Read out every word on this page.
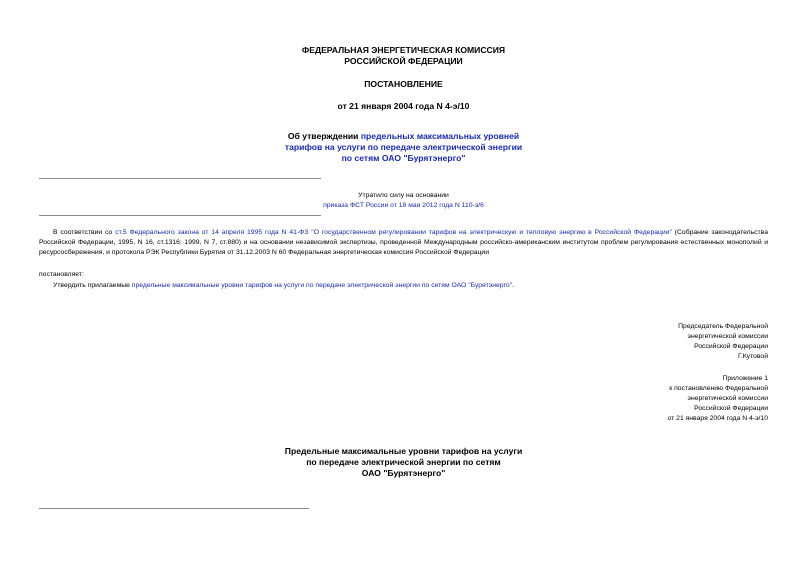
ФЕДЕРАЛЬНАЯ ЭНЕРГЕТИЧЕСКАЯ КОМИССИЯ
РОССИЙСКОЙ ФЕДЕРАЦИИ
ПОСТАНОВЛЕНИЕ
от 21 января 2004 года N 4-э/10
Об утверждении предельных максимальных уровней
тарифов на услуги по передаче электрической энергии
по сетям ОАО "Бурятэнерго"
Утратило силу на основании
приказа ФСТ России от 18 мая 2012 года N 110-э/6
В соответствии со ст.5 Федерального закона от 14 апреля 1995 года N 41-ФЗ "О государственном регулировании тарифов на электрическую и тепловую энергию в Российской Федерации" (Собрание законодательства Российской Федерации, 1995, N 16, ст.1316; 1999, N 7, ст.880) и на основании независимой экспертизы, проведенной Международным российско-американским институтом проблем регулирования естественных монополий и ресурсосбережения, и протокола РЭК Республики Бурятия от 31.12.2003 N 60 Федеральная энергетическая комиссия Российской Федерации
постановляет:
Утвердить прилагаемые предельные максимальные уровни тарифов на услуги по передаче электрической энергии по сетям ОАО "Бурятэнерго".
Председатель Федеральной
энергетической комиссии
Российской Федерации
Г.Кутовой
Приложение 1
к постановлению Федеральной
энергетической комиссии
Российской Федерации
от 21 января 2004 года N 4-э/10
Предельные максимальные уровни тарифов на услуги
по передаче электрической энергии по сетям
ОАО "Бурятэнерго"
